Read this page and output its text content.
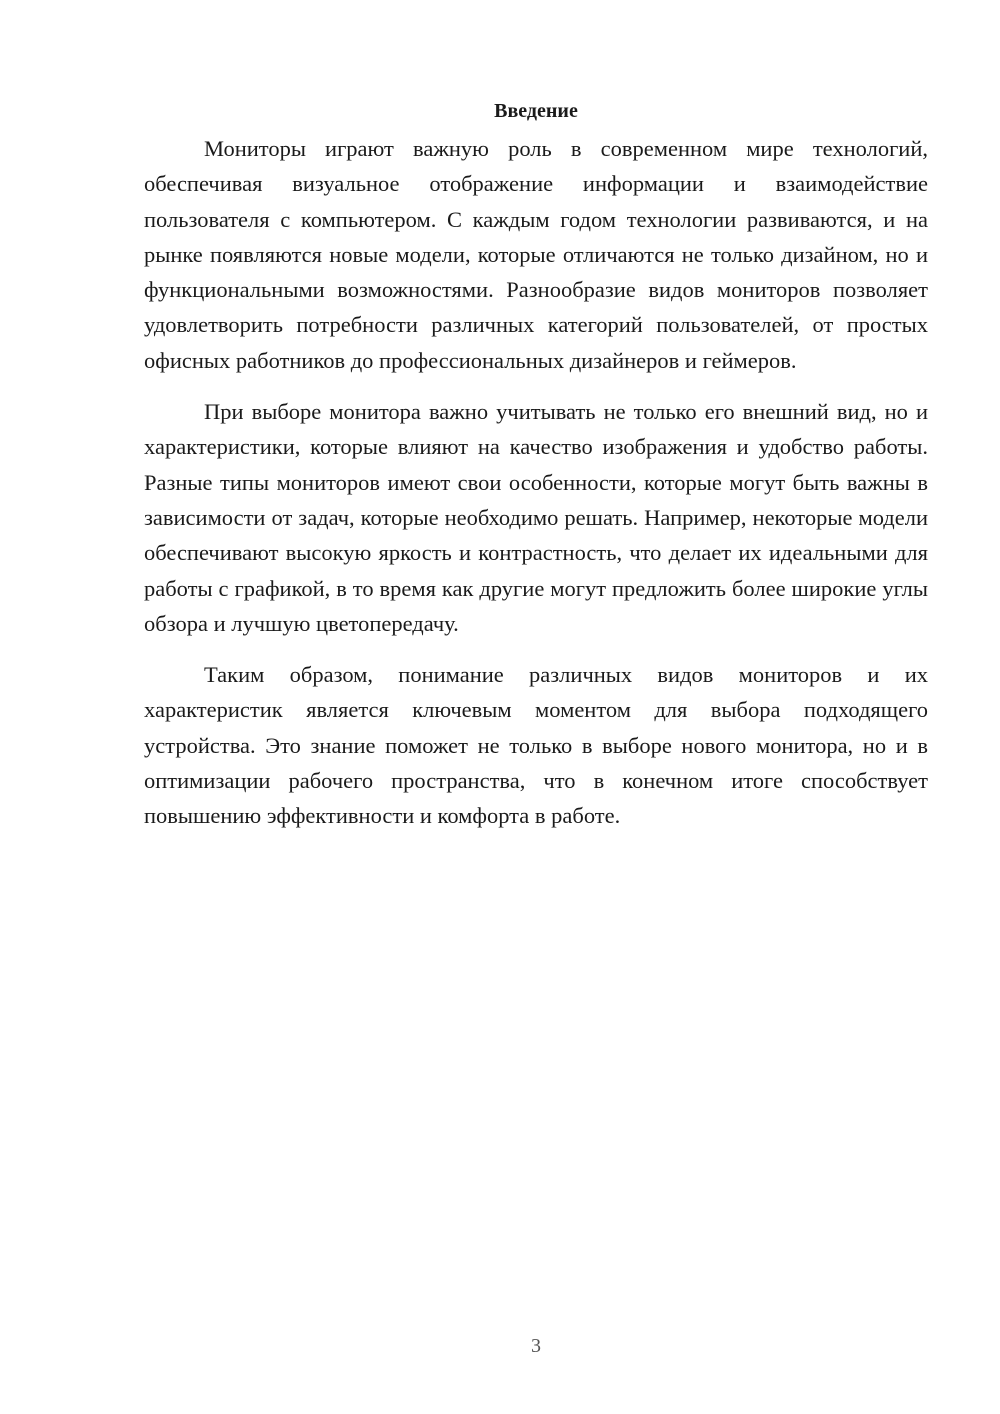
Введение

Мониторы играют важную роль в современном мире технологий, обеспечивая визуальное отображение информации и взаимодействие пользователя с компьютером. С каждым годом технологии развиваются, и на рынке появляются новые модели, которые отличаются не только дизайном, но и функциональными возможностями. Разнообразие видов мониторов позволяет удовлетворить потребности различных категорий пользователей, от простых офисных работников до профессиональных дизайнеров и геймеров.

При выборе монитора важно учитывать не только его внешний вид, но и характеристики, которые влияют на качество изображения и удобство работы. Разные типы мониторов имеют свои особенности, которые могут быть важны в зависимости от задач, которые необходимо решать. Например, некоторые модели обеспечивают высокую яркость и контрастность, что делает их идеальными для работы с графикой, в то время как другие могут предложить более широкие углы обзора и лучшую цветопередачу.

Таким образом, понимание различных видов мониторов и их характеристик является ключевым моментом для выбора подходящего устройства. Это знание поможет не только в выборе нового монитора, но и в оптимизации рабочего пространства, что в конечном итоге способствует повышению эффективности и комфорта в работе.

3
